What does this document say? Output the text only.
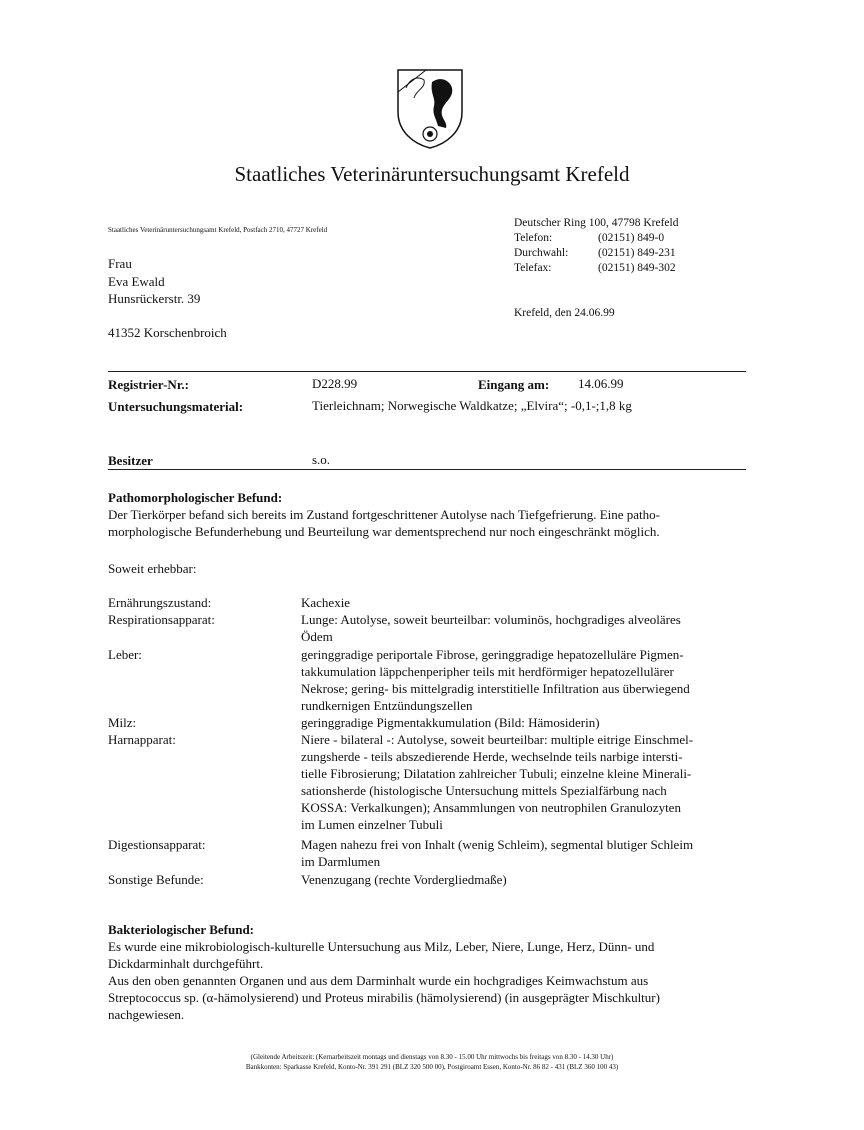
Staatliches Veterinäruntersuchungsamt Krefeld
Staatliches Veterinäruntersuchungsamt Krefeld, Postfach 2710, 47727 Krefeld
Frau
Eva Ewald
Hunsrückerstr. 39
41352 Korschenbroich
Deutscher Ring 100, 47798 Krefeld
Telefon:	(02151) 849-0
Durchwahl:	(02151) 849-231
Telefax:	(02151) 849-302
Krefeld, den 24.06.99
Registrier-Nr.:	D228.99	Eingang am: 14.06.99
Untersuchungsmaterial:	Tierleichnam; Norwegische Waldkatze; „Elvira“; -0,1-;1,8 kg
Besitzer	s.o.
Pathomorphologischer Befund:
Der Tierkörper befand sich bereits im Zustand fortgeschrittener Autolyse nach Tiefgefrierung. Eine patho-
morphologische Befunderhebung und Beurteilung war dementsprechend nur noch eingeschränkt möglich.
Soweit erhebbar:
Ernährungszustand:	Kachexie
Respirationsapparat:	Lunge: Autolyse, soweit beurteilbar: voluminös, hochgradiges alveoläres
Ödem
Leber:	geringgradige periportale Fibrose, geringgradige hepatozelluläre Pigmen-
takkumulation läppchenperipher teils mit herdförmiger hepatozellulärer
Nekrose; gering- bis mittelgradig interstitielle Infiltration aus überwiegend
rundkernigen Entzündungszellen
Milz:	geringgradige Pigmentakkumulation (Bild: Hämosiderin)
Harnapparat:	Niere - bilateral -: Autolyse, soweit beurteilbar: multiple eitrige Einschmel-
zungsherde - teils abszedierende Herde, wechselnde teils narbige intersti-
tielle Fibrosierung; Dilatation zahlreicher Tubuli; einzelne kleine Minerali-
sationsherde (histologische Untersuchung mittels Spezialfärbung nach
KOSSA: Verkalkungen); Ansammlungen von neutrophilen Granulozyten
im Lumen einzelner Tubuli
Digestionsapparat:	Magen nahezu frei von Inhalt (wenig Schleim), segmental blutiger Schleim
im Darmlumen
Sonstige Befunde:	Venenzugang (rechte Vordergliedmaße)
Bakteriologischer Befund:
Es wurde eine mikrobiologisch-kulturelle Untersuchung aus Milz, Leber, Niere, Lunge, Herz, Dünn- und
Dickdarminhalt durchgeführt.
Aus den oben genannten Organen und aus dem Darminhalt wurde ein hochgradiges Keimwachstum aus
Streptococcus sp. (α-hämolysierend) und Proteus mirabilis (hämolysierend) (in ausgeprägter Mischkultur)
nachgewiesen.
(Gleitende Arbeitszeit: (Kernarbeitszeit montags und dienstags von 8.30 - 15.00 Uhr mittwochs bis freitags von 8.30 - 14.30 Uhr)
Bankkonten: Sparkasse Krefeld, Konto-Nr. 391 291 (BLZ 320 500 00), Postgiroamt Essen, Konto-Nr. 86 82 - 431 (BLZ 360 100 43)
